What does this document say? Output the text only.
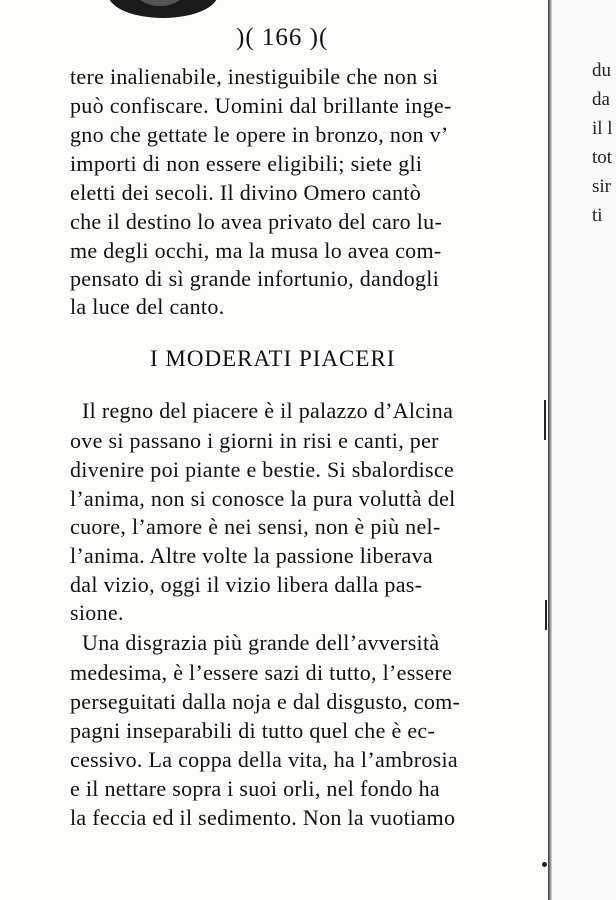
)( 166 )(
tere inalienabile, inestiguibile che non si
può confiscare. Uomini dal brillante inge-
gno che gettate le opere in bronzo, non v’
importi di non essere eligibili; siete gli
eletti dei secoli. Il divino Omero cantò
che il destino lo avea privato del caro lu-
me degli occhi, ma la musa lo avea com-
pensato di sì grande infortunio, dandogli
la luce del canto.
I MODERATI PIACERI
Il regno del piacere è il palazzo d’Alcina
ove si passano i giorni in risi e canti, per
divenire poi piante e bestie. Si sbalordisce
l’anima, non si conosce la pura voluttà del
cuore, l’amore è nei sensi, non è più nel-
l’anima. Altre volte la passione liberava
dal vizio, oggi il vizio libera dalla pas-
sione.
Una disgrazia più grande dell’avversità
medesima, è l’essere sazi di tutto, l’essere
perseguitati dalla noja e dal disgusto, com-
pagni inseparabili di tutto quel che è ec-
cessivo. La coppa della vita, ha l’ambrosia
e il nettare sopra i suoi orli, nel fondo ha
la feccia ed il sedimento. Non la vuotiamo
du
da
il l
tot
sir
ti
